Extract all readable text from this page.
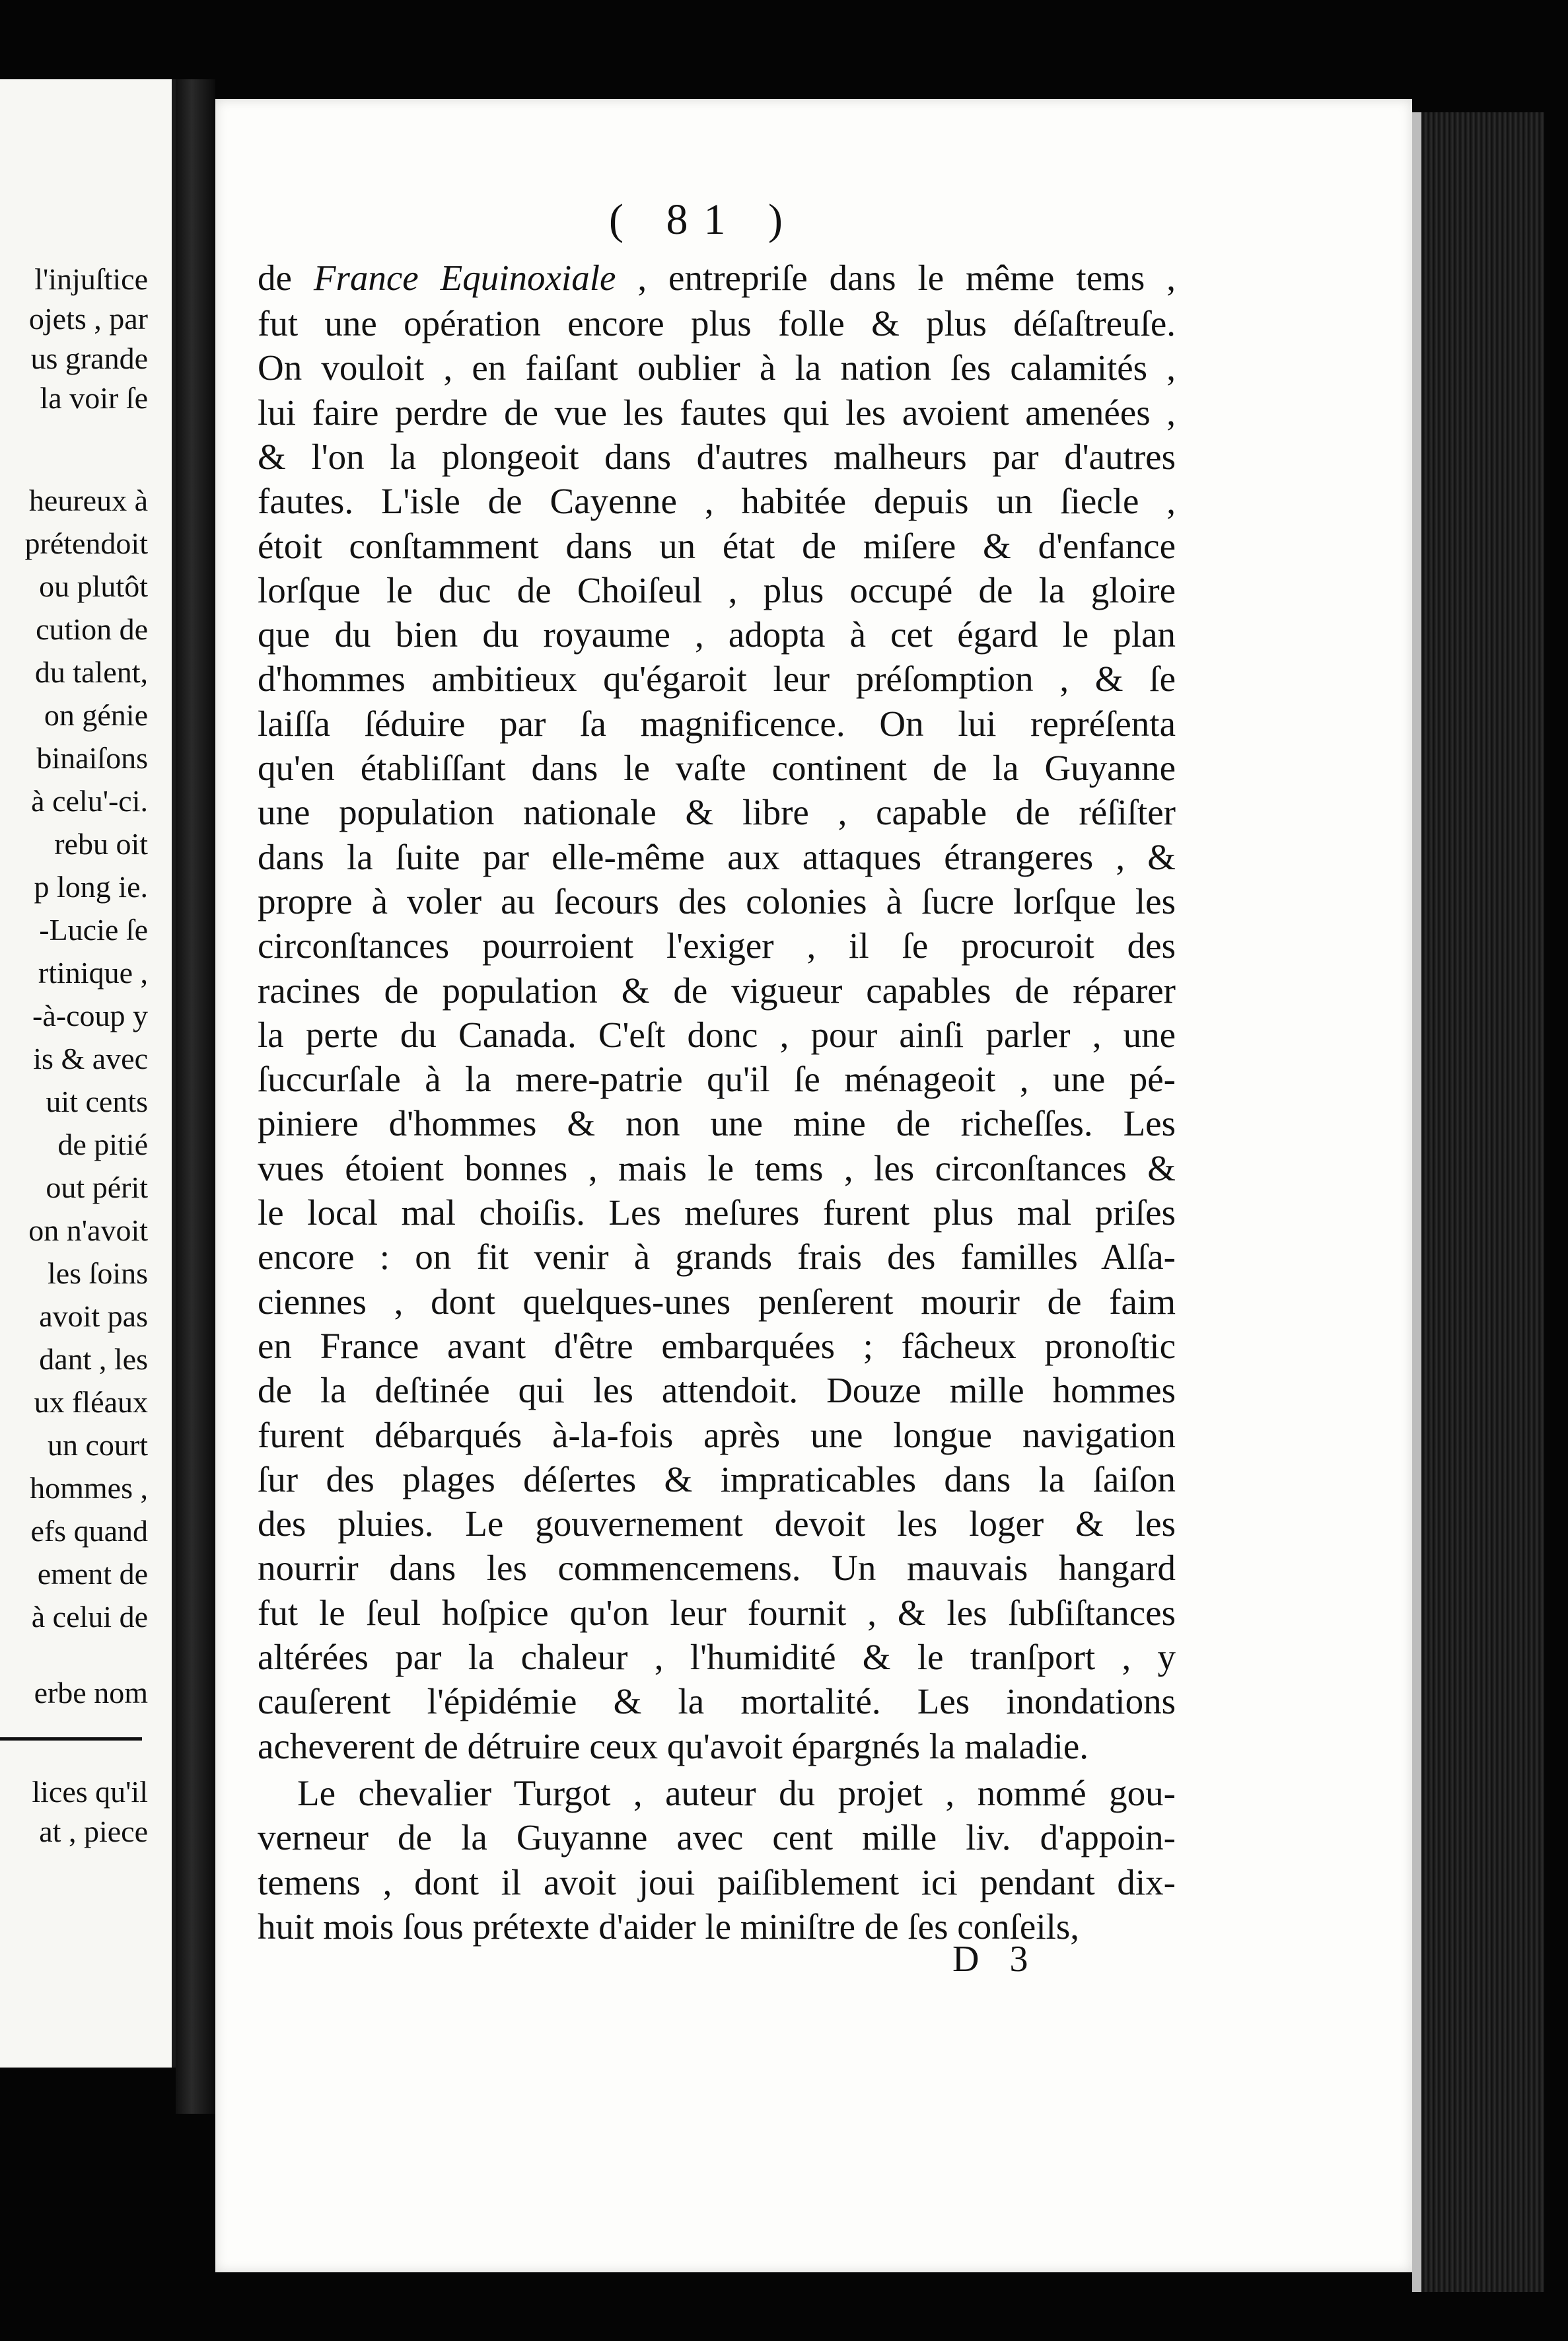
l'injuſtice
ojets , par
us grande
la voir ſe
heureux à
prétendoit
ou plutôt
cution de
du talent,
on génie
binaiſons
à celu'-ci.
rebu oit
p long ie.
-Lucie ſe
rtinique ,
-à-coup y
is & avec
uit cents
de pitié
out périt
on n'avoit
les ſoins
avoit pas
dant , les
ux fléaux
un court
hommes ,
efs quand
ement de
à celui de
erbe nom
lices qu'il
at , piece
( 81 )
de France Equinoxiale , entrepriſe dans le même tems ,
fut une opération encore plus folle & plus déſaſtreuſe.
On vouloit , en faiſant oublier à la nation ſes calamités ,
lui faire perdre de vue les fautes qui les avoient amenées ,
& l'on la plongeoit dans d'autres malheurs par d'autres
fautes. L'isle de Cayenne , habitée depuis un ſiecle ,
étoit conſtamment dans un état de miſere & d'enfance
lorſque le duc de Choiſeul , plus occupé de la gloire
que du bien du royaume , adopta à cet égard le plan
d'hommes ambitieux qu'égaroit leur préſomption , & ſe
laiſſa ſéduire par ſa magnificence. On lui repréſenta
qu'en établiſſant dans le vaſte continent de la Guyanne
une population nationale & libre , capable de réſiſter
dans la ſuite par elle-même aux attaques étrangeres , &
propre à voler au ſecours des colonies à ſucre lorſque les
circonſtances pourroient l'exiger , il ſe procuroit des
racines de population & de vigueur capables de réparer
la perte du Canada. C'eſt donc , pour ainſi parler , une
ſuccurſale à la mere-patrie qu'il ſe ménageoit , une pé-
piniere d'hommes & non une mine de richeſſes. Les
vues étoient bonnes , mais le tems , les circonſtances &
le local mal choiſis. Les meſures furent plus mal priſes
encore : on fit venir à grands frais des familles Alſa-
ciennes , dont quelques-unes penſerent mourir de faim
en France avant d'être embarquées ; fâcheux pronoſtic
de la deſtinée qui les attendoit. Douze mille hommes
furent débarqués à-la-fois après une longue navigation
ſur des plages déſertes & impraticables dans la ſaiſon
des pluies. Le gouvernement devoit les loger & les
nourrir dans les commencemens. Un mauvais hangard
fut le ſeul hoſpice qu'on leur fournit , & les ſubſiſtances
altérées par la chaleur , l'humidité & le tranſport , y
cauſerent l'épidémie & la mortalité. Les inondations
acheverent de détruire ceux qu'avoit épargnés la maladie.
Le chevalier Turgot , auteur du projet , nommé gou-
verneur de la Guyanne avec cent mille liv. d'appoin-
temens , dont il avoit joui paiſiblement ici pendant dix-
huit mois ſous prétexte d'aider le miniſtre de ſes conſeils,
D 3
